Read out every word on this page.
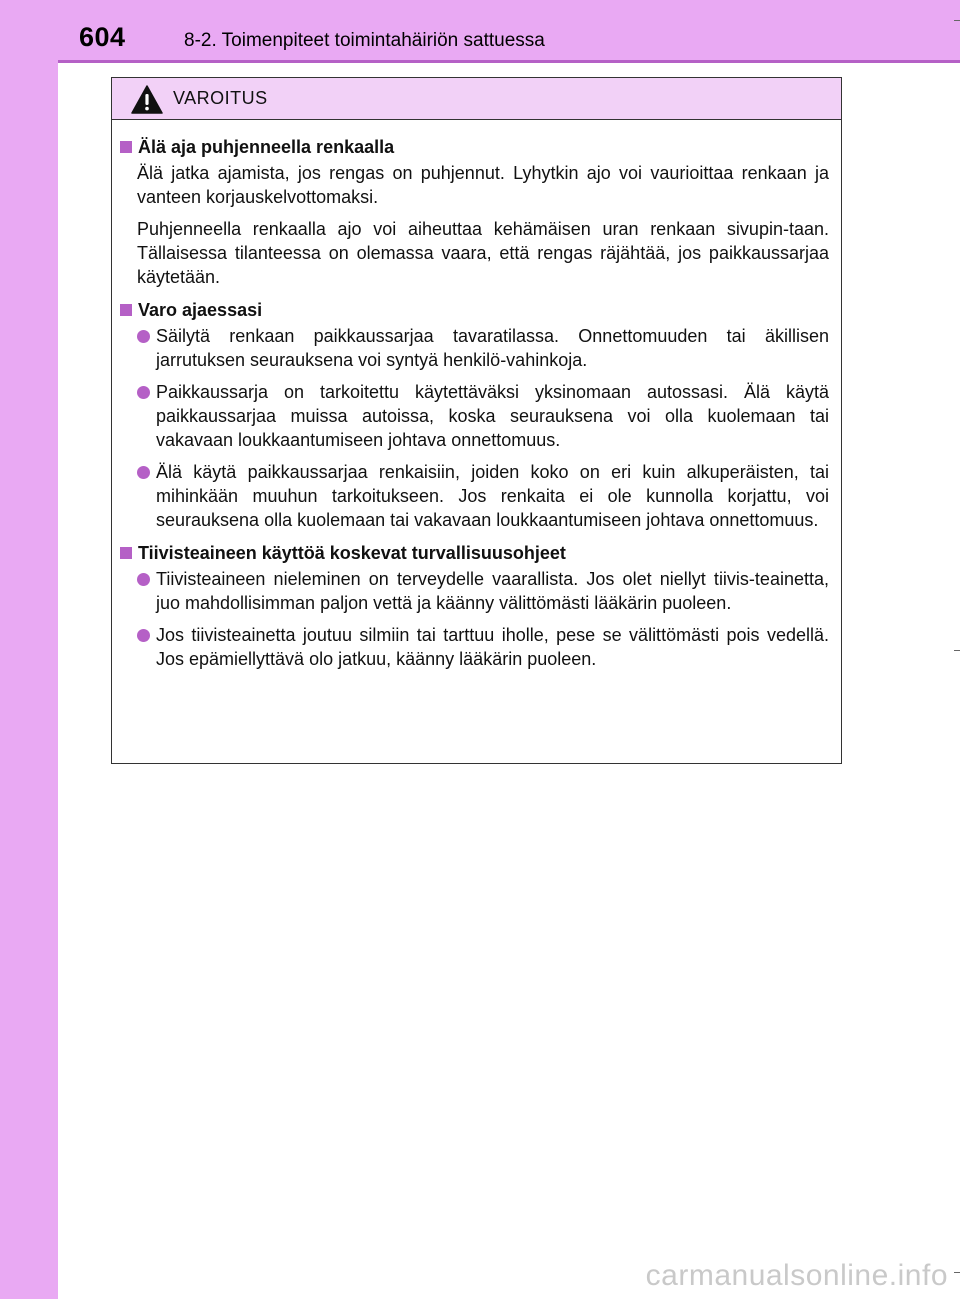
604	8-2. Toimenpiteet toimintahäiriön sattuessa
VAROITUS
Älä aja puhjenneella renkaalla
Älä jatka ajamista, jos rengas on puhjennut. Lyhytkin ajo voi vaurioittaa renkaan ja vanteen korjauskelvottomaksi.
Puhjenneella renkaalla ajo voi aiheuttaa kehämäisen uran renkaan sivupin-taan. Tällaisessa tilanteessa on olemassa vaara, että rengas räjähtää, jos paikkaussarjaa käytetään.
Varo ajaessasi
Säilytä renkaan paikkaussarjaa tavaratilassa. Onnettomuuden tai äkillisen jarrutuksen seurauksena voi syntyä henkilö-vahinkoja.
Paikkaussarja on tarkoitettu käytettäväksi yksinomaan autossasi. Älä käytä paikkaussarjaa muissa autoissa, koska seurauksena voi olla kuolemaan tai vakavaan loukkaantumiseen johtava onnettomuus.
Älä käytä paikkaussarjaa renkaisiin, joiden koko on eri kuin alkuperäisten, tai mihinkään muuhun tarkoitukseen. Jos renkaita ei ole kunnolla korjattu, voi seurauksena olla kuolemaan tai vakavaan loukkaantumiseen johtava onnettomuus.
Tiivisteaineen käyttöä koskevat turvallisuusohjeet
Tiivisteaineen nieleminen on terveydelle vaarallista. Jos olet niellyt tiivis-teainetta, juo mahdollisimman paljon vettä ja käänny välittömästi lääkärin puoleen.
Jos tiivisteainetta joutuu silmiin tai tarttuu iholle, pese se välittömästi pois vedellä. Jos epämiellyttävä olo jatkuu, käänny lääkärin puoleen.
carmanualsonline.info
